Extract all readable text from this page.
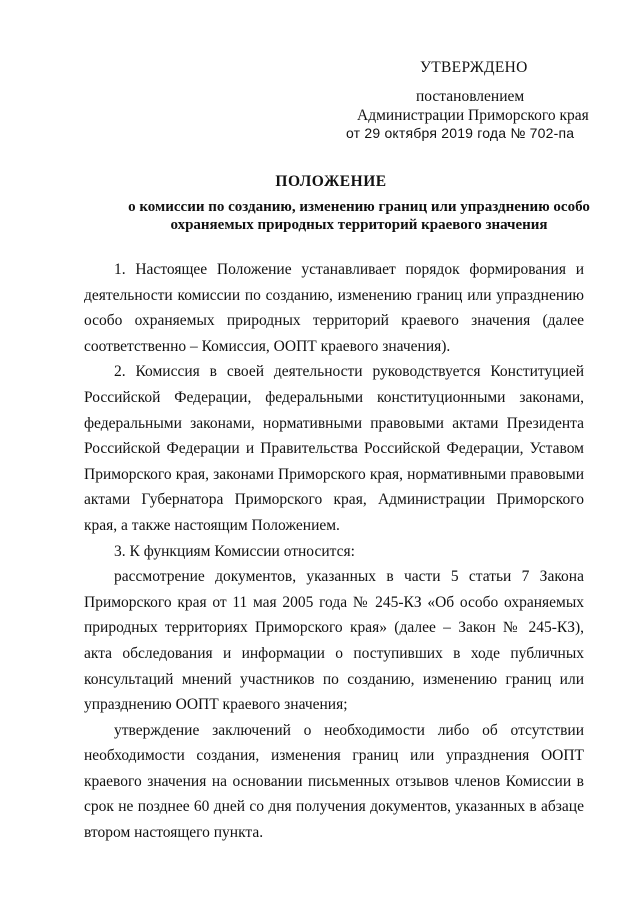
УТВЕРЖДЕНО
постановлением
Администрации Приморского края
от 29 октября 2019 года № 702-па
ПОЛОЖЕНИЕ
о комиссии по созданию, изменению границ или упразднению особо охраняемых природных территорий краевого значения

1. Настоящее Положение устанавливает порядок формирования и деятельности комиссии по созданию, изменению границ или упразднению особо охраняемых природных территорий краевого значения (далее соответственно – Комиссия, ООПТ краевого значения).

2. Комиссия в своей деятельности руководствуется Конституцией Российской Федерации, федеральными конституционными законами, федеральными законами, нормативными правовыми актами Президента Российской Федерации и Правительства Российской Федерации, Уставом Приморского края, законами Приморского края, нормативными правовыми актами Губернатора Приморского края, Администрации Приморского края, а также настоящим Положением.

3. К функциям Комиссии относится:

рассмотрение документов, указанных в части 5 статьи 7 Закона Приморского края от 11 мая 2005 года № 245-КЗ «Об особо охраняемых природных территориях Приморского края» (далее – Закон № 245-КЗ), акта обследования и информации о поступивших в ходе публичных консультаций мнений участников по созданию, изменению границ или упразднению ООПТ краевого значения;

утверждение заключений о необходимости либо об отсутствии необходимости создания, изменения границ или упразднения ООПТ краевого значения на основании письменных отзывов членов Комиссии в срок не позднее 60 дней со дня получения документов, указанных в абзаце втором настоящего пункта.
